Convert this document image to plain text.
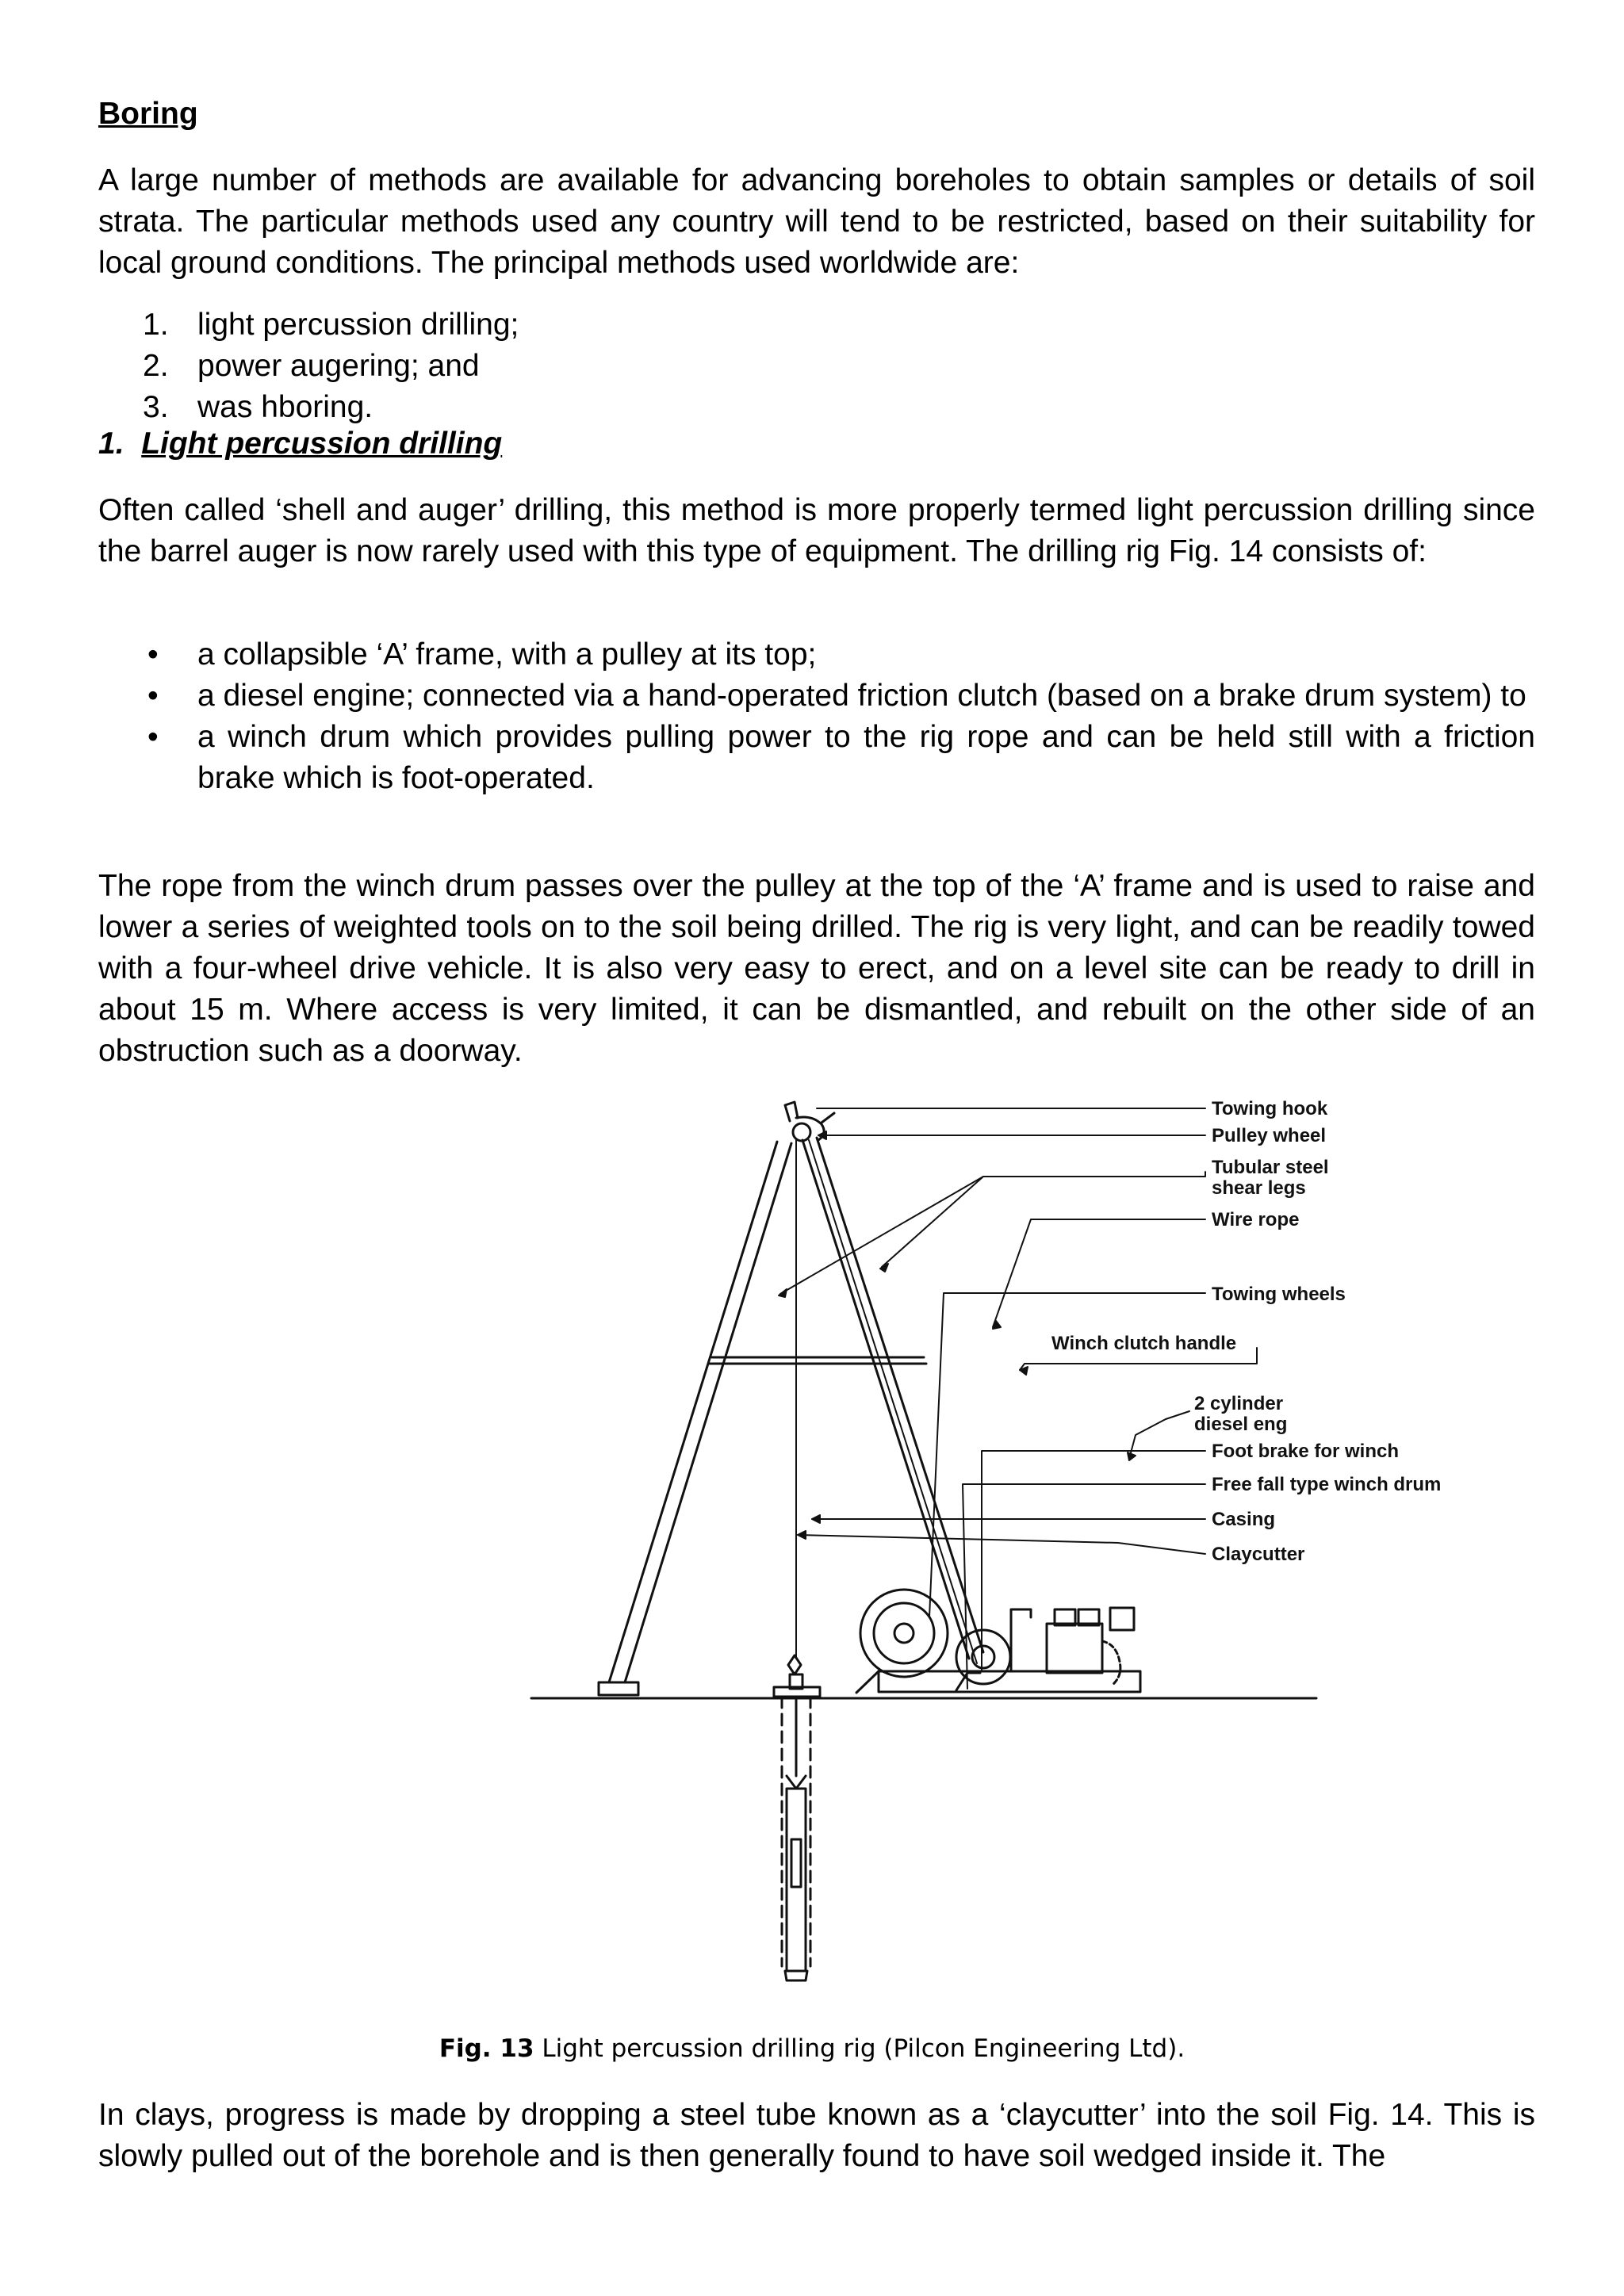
Boring

A large number of methods are available for advancing boreholes to obtain samples or details of soil strata. The particular methods used any country will tend to be restricted, based on their suitability for local ground conditions. The principal methods used worldwide are:

1. light percussion drilling;
2. power augering; and
3. was hboring.
1. Light percussion drilling

Often called ‘shell and auger’ drilling, this method is more properly termed light percussion drilling since the barrel auger is now rarely used with this type of equipment. The drilling rig Fig. 14 consists of:

• a collapsible ‘A’ frame, with a pulley at its top;
• a diesel engine; connected via a hand-operated friction clutch (based on a brake drum system) to
• a winch drum which provides pulling power to the rig rope and can be held still with a friction brake which is foot-operated.

The rope from the winch drum passes over the pulley at the top of the ‘A’ frame and is used to raise and lower a series of weighted tools on to the soil being drilled. The rig is very light, and can be readily towed with a four-wheel drive vehicle. It is also very easy to erect, and on a level site can be ready to drill in about 15 m. Where access is very limited, it can be dismantled, and rebuilt on the other side of an obstruction such as a doorway.

Towing hook
Pulley wheel
Tubular steel
shear legs
Wire rope
Towing wheels
Winch clutch handle
2 cylinder
diesel eng
Foot brake for winch
Free fall type winch drum
Casing
Claycutter

Fig. 13 Light percussion drilling rig (Pilcon Engineering Ltd).

In clays, progress is made by dropping a steel tube known as a ‘claycutter’ into the soil Fig. 14. This is slowly pulled out of the borehole and is then generally found to have soil wedged inside it. The
